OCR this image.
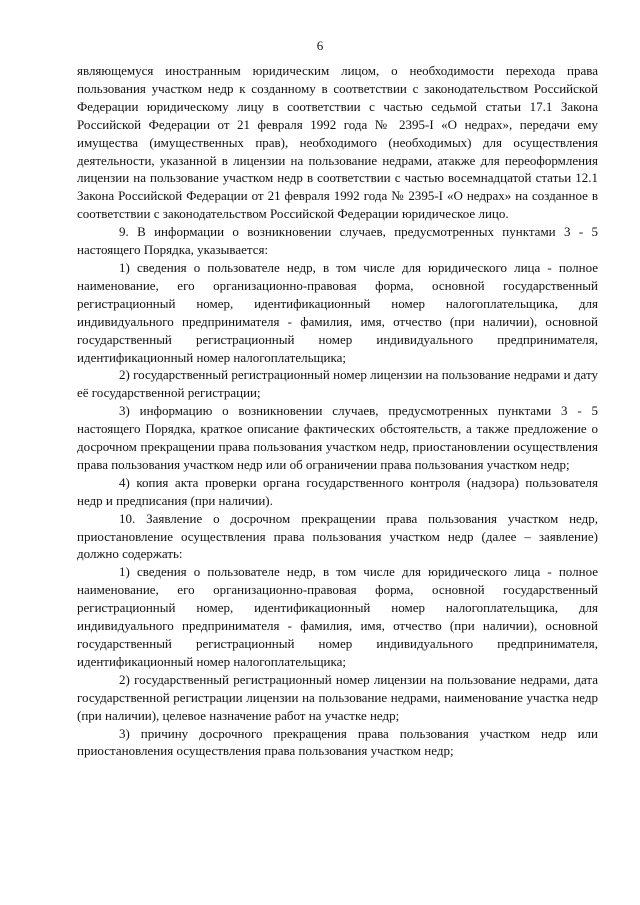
6

являющемуся иностранным юридическим лицом, о необходимости перехода права пользования участком недр к созданному в соответствии с законодательством Российской Федерации юридическому лицу в соответствии с частью седьмой статьи 17.1 Закона Российской Федерации от 21 февраля 1992 года № 2395-I «О недрах», передачи ему имущества (имущественных прав), необходимого (необходимых) для осуществления деятельности, указанной в лицензии на пользование недрами, атакже для переоформления лицензии на пользование участком недр в соответствии с частью восемнадцатой статьи 12.1 Закона Российской Федерации от 21 февраля 1992 года № 2395-I «О недрах» на созданное в соответствии с законодательством Российской Федерации юридическое лицо.

9. В информации о возникновении случаев, предусмотренных пунктами 3 - 5 настоящего Порядка, указывается:

1) сведения о пользователе недр, в том числе для юридического лица - полное наименование, его организационно-правовая форма, основной государственный регистрационный номер, идентификационный номер налогоплательщика, для индивидуального предпринимателя - фамилия, имя, отчество (при наличии), основной государственный регистрационный номер индивидуального предпринимателя, идентификационный номер налогоплательщика;

2) государственный регистрационный номер лицензии на пользование недрами и дату её государственной регистрации;

3) информацию о возникновении случаев, предусмотренных пунктами 3 - 5 настоящего Порядка, краткое описание фактических обстоятельств, а также предложение о досрочном прекращении права пользования участком недр, приостановлении осуществления права пользования участком недр или об ограничении права пользования участком недр;

4) копия акта проверки органа государственного контроля (надзора) пользователя недр и предписания (при наличии).

10. Заявление о досрочном прекращении права пользования участком недр, приостановление осуществления права пользования участком недр (далее – заявление) должно содержать:

1) сведения о пользователе недр, в том числе для юридического лица - полное наименование, его организационно-правовая форма, основной государственный регистрационный номер, идентификационный номер налогоплательщика, для индивидуального предпринимателя - фамилия, имя, отчество (при наличии), основной государственный регистрационный номер индивидуального предпринимателя, идентификационный номер налогоплательщика;

2) государственный регистрационный номер лицензии на пользование недрами, дата государственной регистрации лицензии на пользование недрами, наименование участка недр (при наличии), целевое назначение работ на участке недр;

3) причину досрочного прекращения права пользования участком недр или приостановления осуществления права пользования участком недр;
